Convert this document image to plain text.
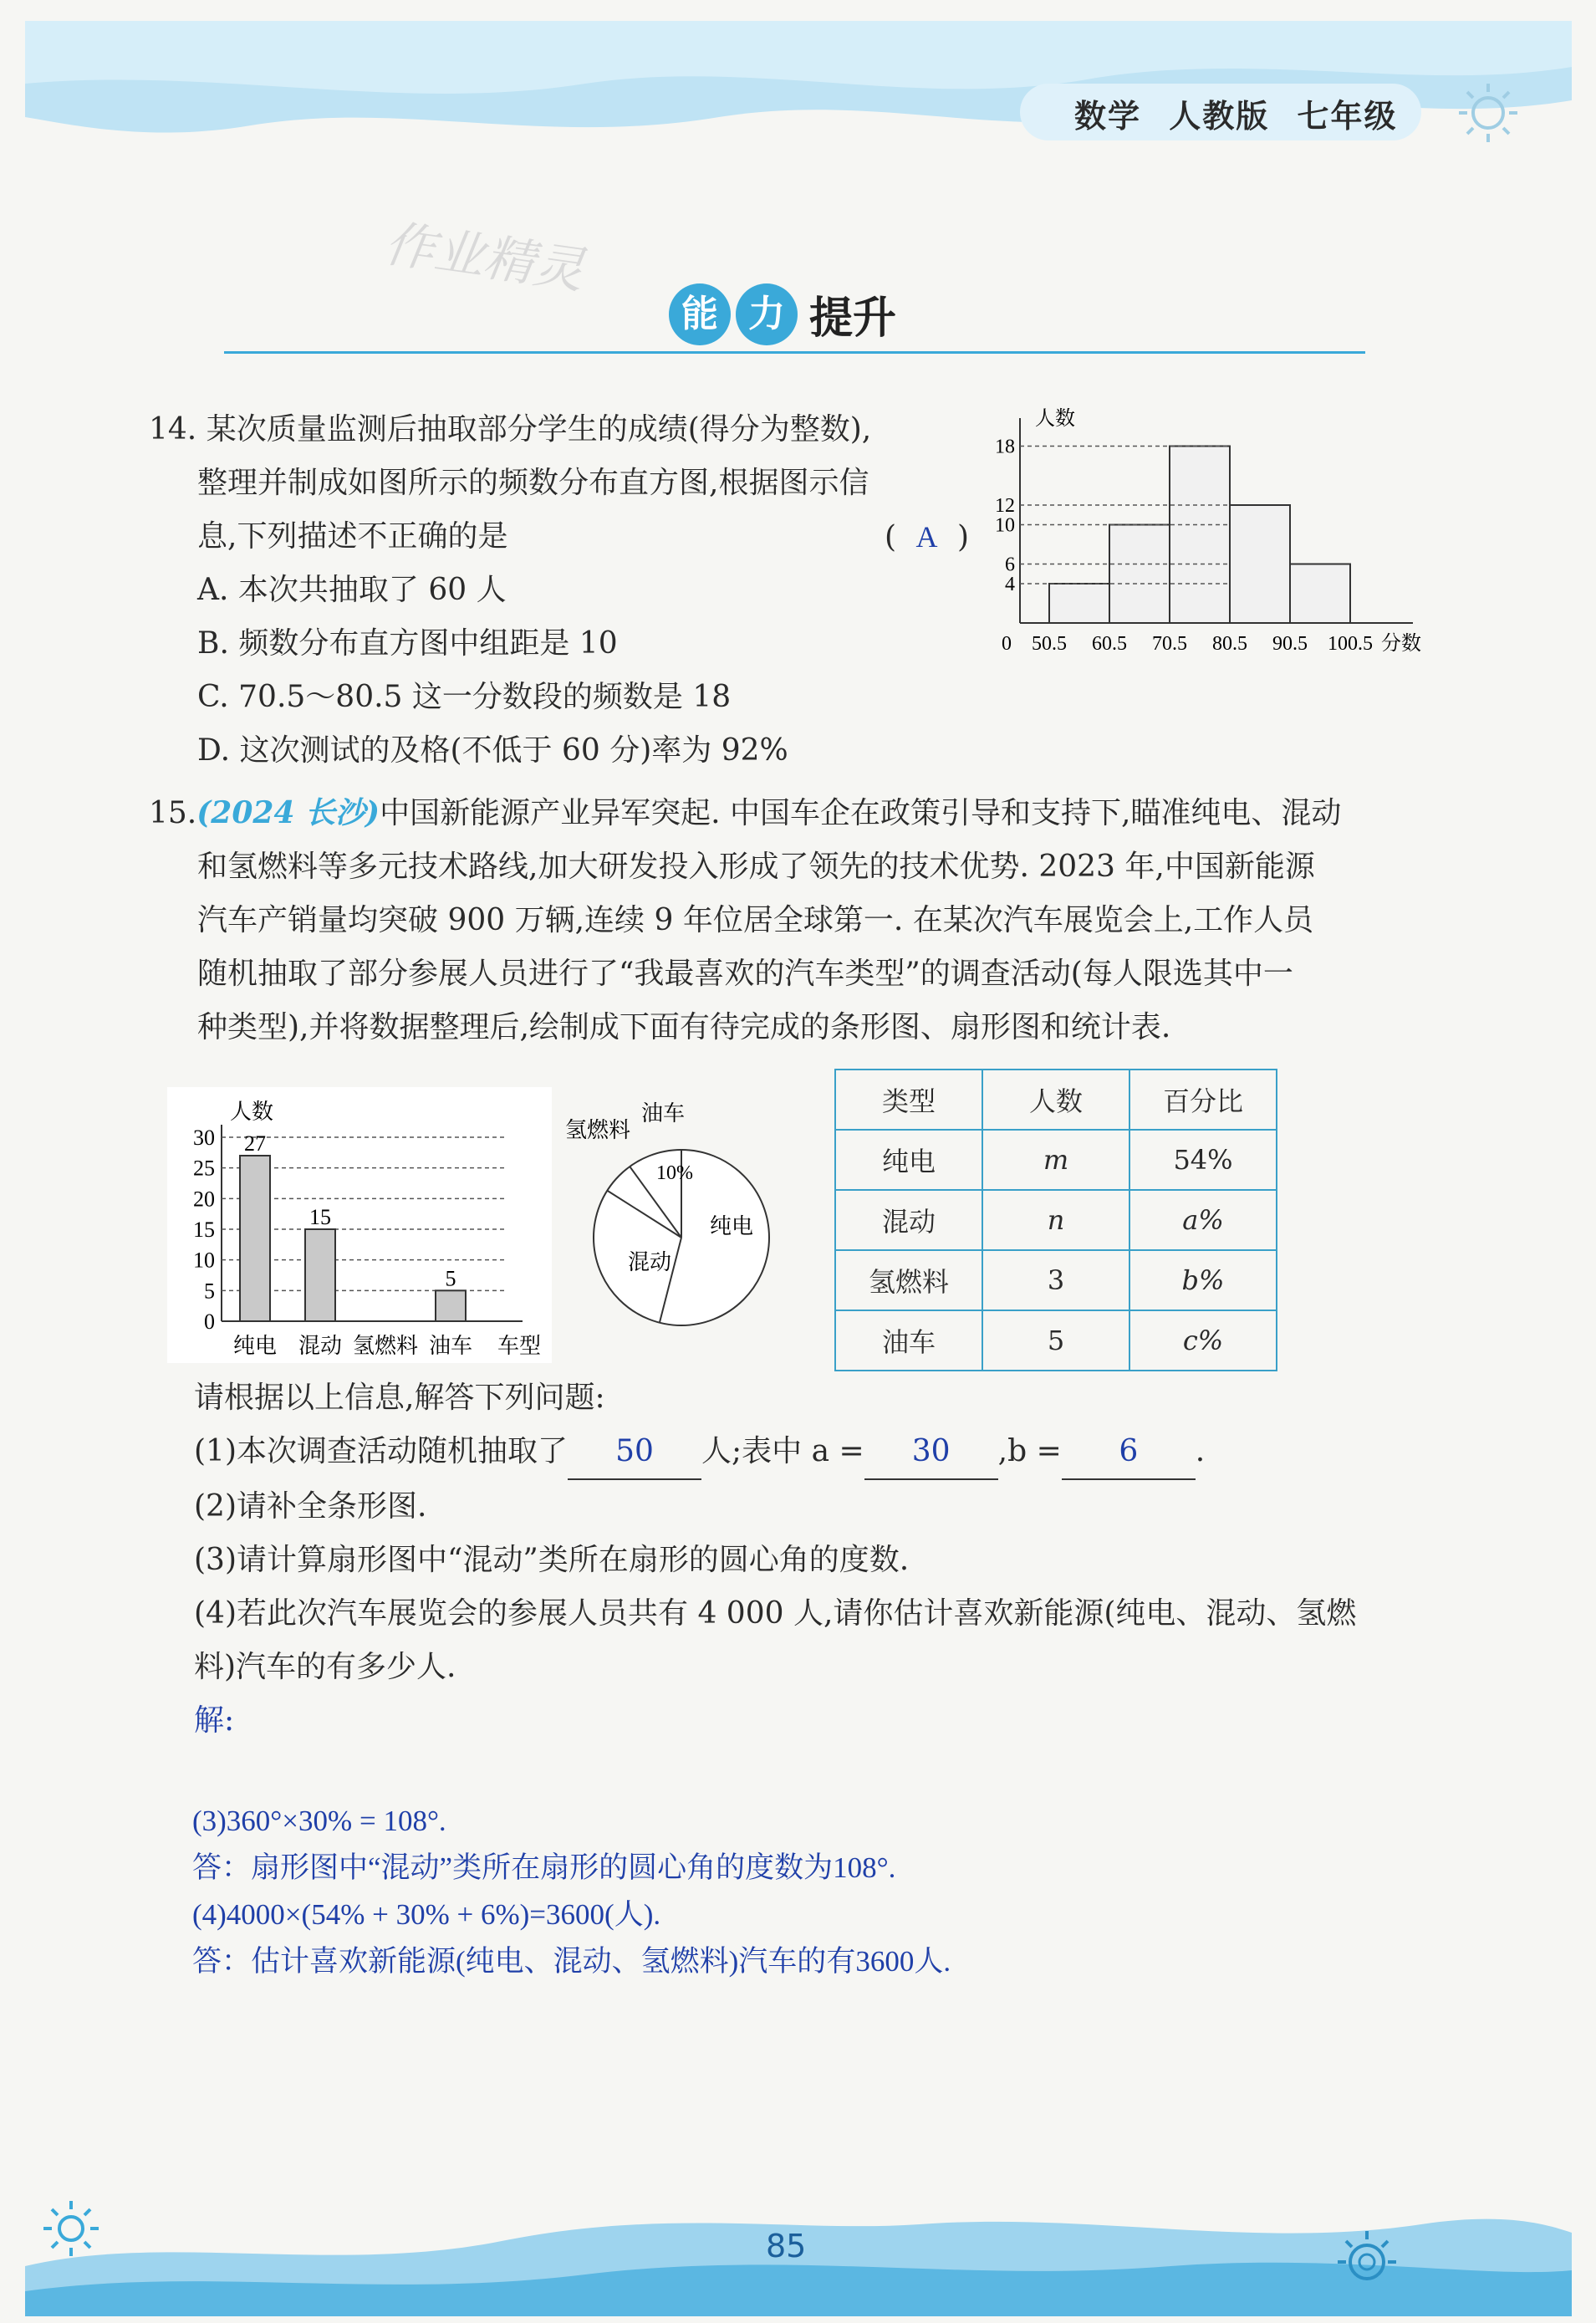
数学 人教版 七年级
作业精灵
能 力 提升
14. 某次质量监测后抽取部分学生的成绩(得分为整数),
整理并制成如图所示的频数分布直方图,根据图示信
息,下列描述不正确的是	( A )
A. 本次共抽取了 60 人
B. 频数分布直方图中组距是 10
C. 70.5～80.5 这一分数段的频数是 18
D. 这次测试的及格(不低于 60 分)率为 92%
人数
分数
0
4
6
10
12
18
50.5 60.5 70.5 80.5 90.5 100.5
15.(2024 长沙)中国新能源产业异军突起. 中国车企在政策引导和支持下,瞄准纯电、混动
和氢燃料等多元技术路线,加大研发投入形成了领先的技术优势. 2023 年,中国新能源
汽车产销量均突破 900 万辆,连续 9 年位居全球第一. 在某次汽车展览会上,工作人员
随机抽取了部分参展人员进行了“我最喜欢的汽车类型”的调查活动(每人限选其中一
种类型),并将数据整理后,绘制成下面有待完成的条形图、扇形图和统计表.
人数
车型
0
5
10
15
20
25
30 27
纯电
15
混动 氢燃料
5
油车
纯电
混动
氢燃料
油车
10%
类型	人数	百分比
纯电	m	54%
混动	n	a%
氢燃料	3	b%
油车	5	c%
请根据以上信息,解答下列问题:
(1)本次调查活动随机抽取了 50 人;表中 a = 30 ,b = 6 .
(2)请补全条形图.
(3)请计算扇形图中“混动”类所在扇形的圆心角的度数.
(4)若此次汽车展览会的参展人员共有 4 000 人,请你估计喜欢新能源(纯电、混动、氢燃
料)汽车的有多少人.
解:
(3)360°×30% = 108°.
答：扇形图中“混动”类所在扇形的圆心角的度数为108°.
(4)4000×(54% + 30% + 6%)=3600(人).
答：估计喜欢新能源(纯电、混动、氢燃料)汽车的有3600人.
85
